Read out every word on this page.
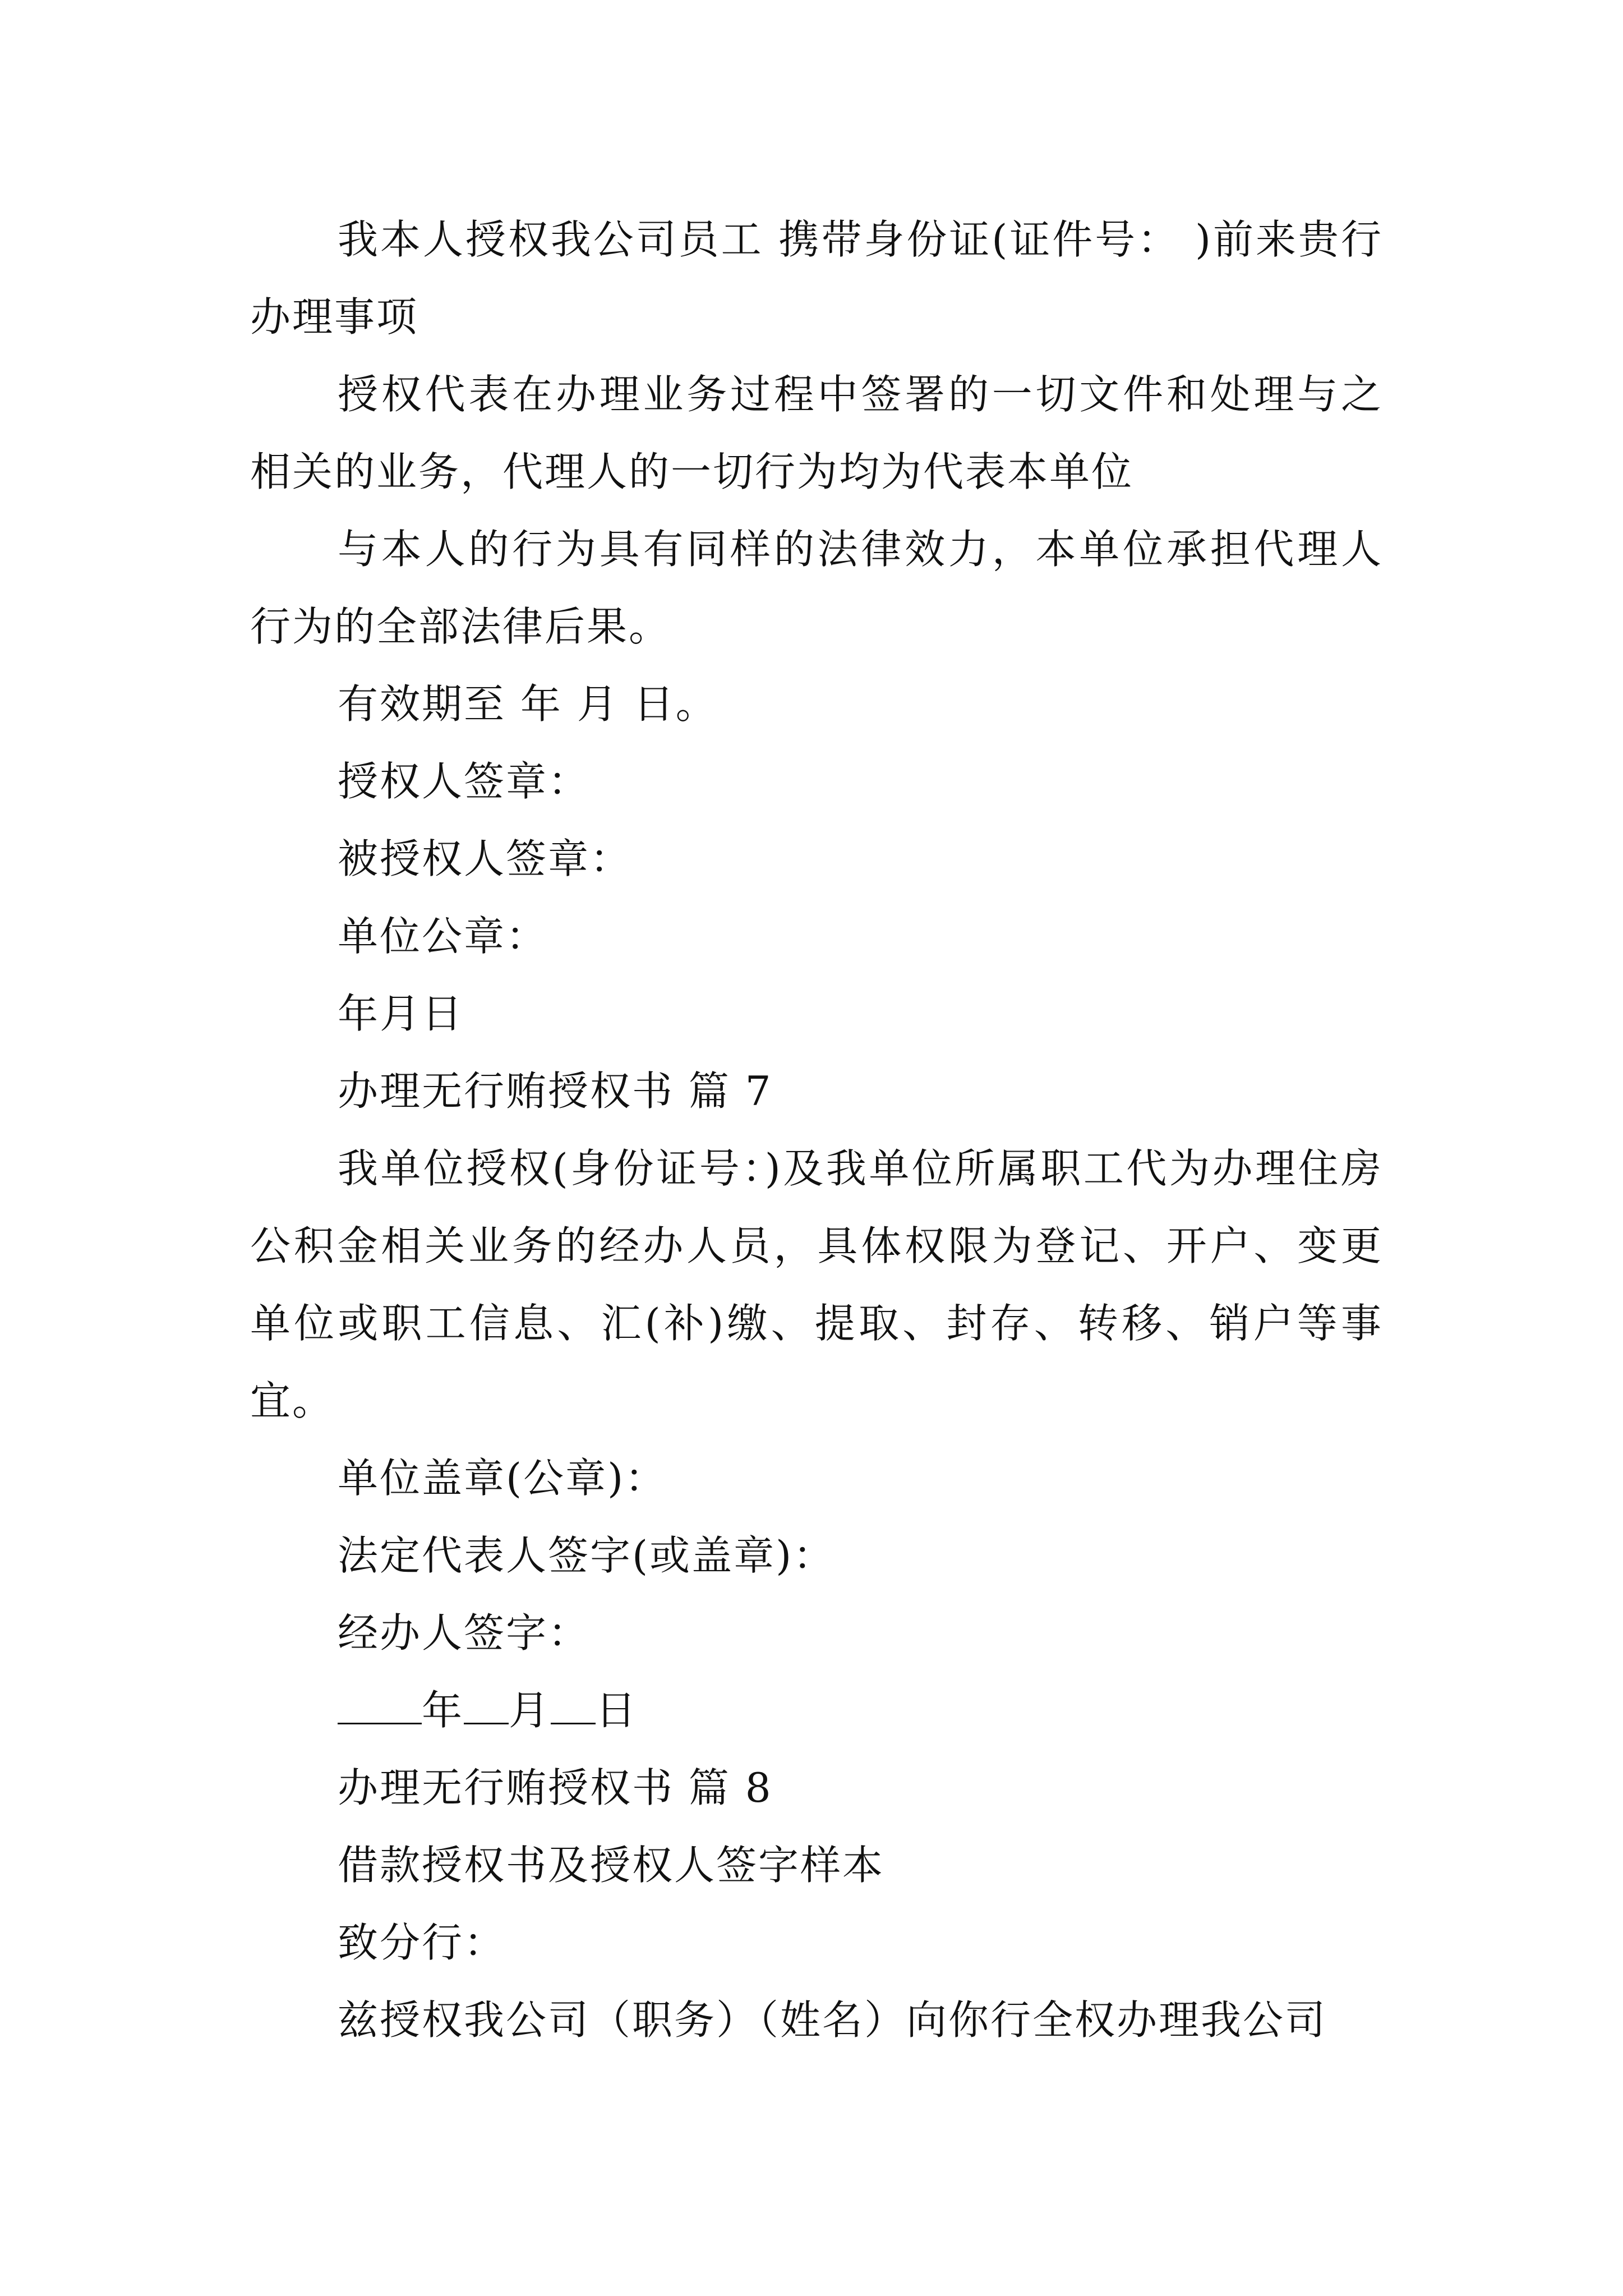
我本人授权我公司员工 携带身份证(证件号： )前来贵行办理事项

授权代表在办理业务过程中签署的一切文件和处理与之相关的业务，代理人的一切行为均为代表本单位

与本人的行为具有同样的法律效力，本单位承担代理人行为的全部法律后果。

有效期至 年 月 日。

授权人签章：

被授权人签章：

单位公章：

年月日

办理无行贿授权书 篇 7

我单位授权(身份证号：)及我单位所属职工代为办理住房公积金相关业务的经办人员，具体权限为登记、开户、变更单位或职工信息、汇(补)缴、提取、封存、转移、销户等事宜。

单位盖章(公章)：

法定代表人签字(或盖章)：

经办人签字：

年 月 日

办理无行贿授权书 篇 8

借款授权书及授权人签字样本

致分行：

兹授权我公司（职务）（姓名）向你行全权办理我公司
